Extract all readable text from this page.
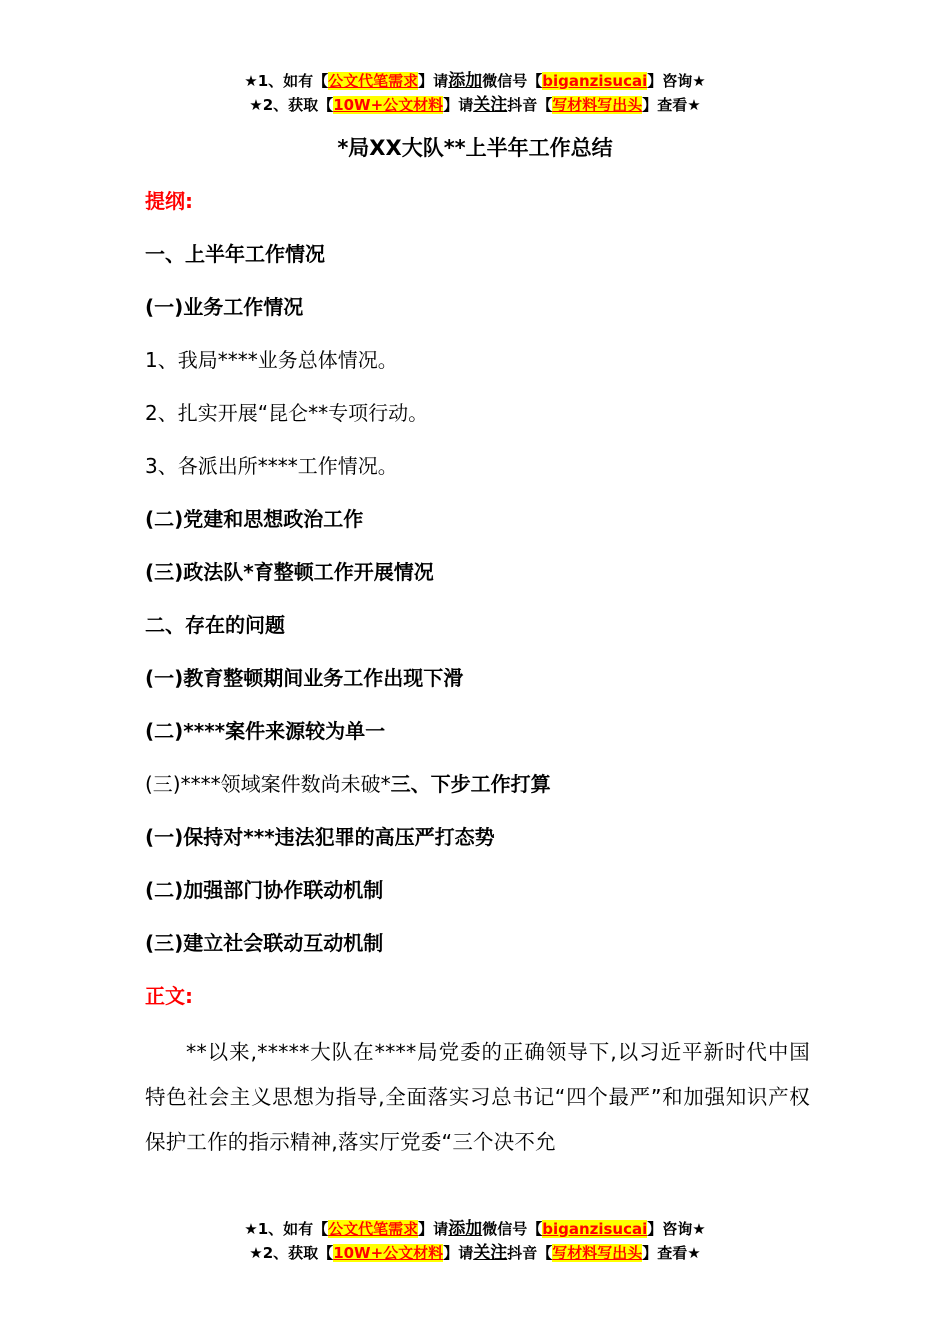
★1、如有【公文代笔需求】请添加微信号【biganzisucai】咨询★
★2、获取【10W+公文材料】请关注抖音【写材料写出头】查看★
*局XX大队**上半年工作总结
提纲:
一、上半年工作情况
(一)业务工作情况
1、我局****业务总体情况。
2、扎实开展“昆仑**专项行动。
3、各派出所****工作情况。
(二)党建和思想政治工作
(三)政法队*育整顿工作开展情况
二、存在的问题
(一)教育整顿期间业务工作出现下滑
(二)****案件来源较为单一
(三)****领域案件数尚未破*三、下步工作打算
(一)保持对***违法犯罪的高压严打态势
(二)加强部门协作联动机制
(三)建立社会联动互动机制
正文:
**以来,*****大队在****局党委的正确领导下,以习近平新时代中国特色社会主义思想为指导,全面落实习总书记“四个最严”和加强知识产权保护工作的指示精神,落实厅党委“三个决不允
★1、如有【公文代笔需求】请添加微信号【biganzisucai】咨询★
★2、获取【10W+公文材料】请关注抖音【写材料写出头】查看★
